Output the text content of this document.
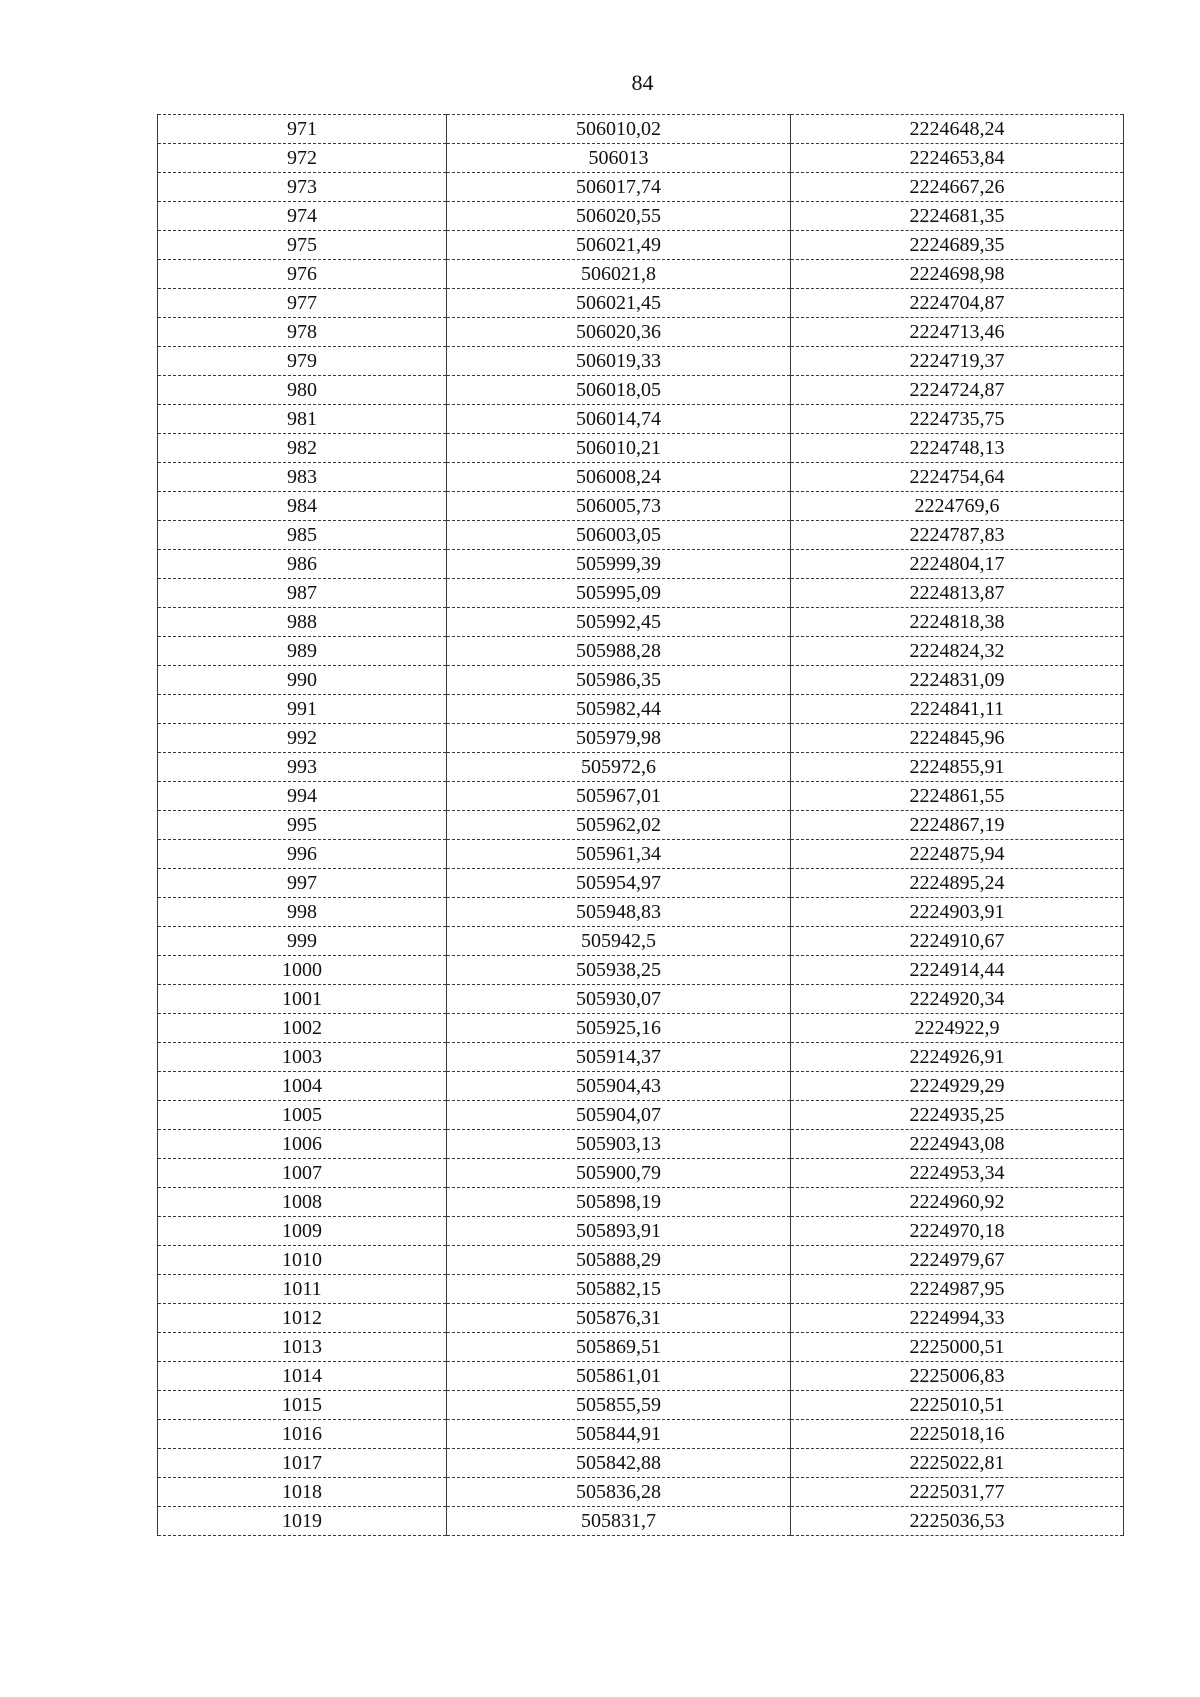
84
971	506010,02	2224648,24
972	506013	2224653,84
973	506017,74	2224667,26
974	506020,55	2224681,35
975	506021,49	2224689,35
976	506021,8	2224698,98
977	506021,45	2224704,87
978	506020,36	2224713,46
979	506019,33	2224719,37
980	506018,05	2224724,87
981	506014,74	2224735,75
982	506010,21	2224748,13
983	506008,24	2224754,64
984	506005,73	2224769,6
985	506003,05	2224787,83
986	505999,39	2224804,17
987	505995,09	2224813,87
988	505992,45	2224818,38
989	505988,28	2224824,32
990	505986,35	2224831,09
991	505982,44	2224841,11
992	505979,98	2224845,96
993	505972,6	2224855,91
994	505967,01	2224861,55
995	505962,02	2224867,19
996	505961,34	2224875,94
997	505954,97	2224895,24
998	505948,83	2224903,91
999	505942,5	2224910,67
1000	505938,25	2224914,44
1001	505930,07	2224920,34
1002	505925,16	2224922,9
1003	505914,37	2224926,91
1004	505904,43	2224929,29
1005	505904,07	2224935,25
1006	505903,13	2224943,08
1007	505900,79	2224953,34
1008	505898,19	2224960,92
1009	505893,91	2224970,18
1010	505888,29	2224979,67
1011	505882,15	2224987,95
1012	505876,31	2224994,33
1013	505869,51	2225000,51
1014	505861,01	2225006,83
1015	505855,59	2225010,51
1016	505844,91	2225018,16
1017	505842,88	2225022,81
1018	505836,28	2225031,77
1019	505831,7	2225036,53
